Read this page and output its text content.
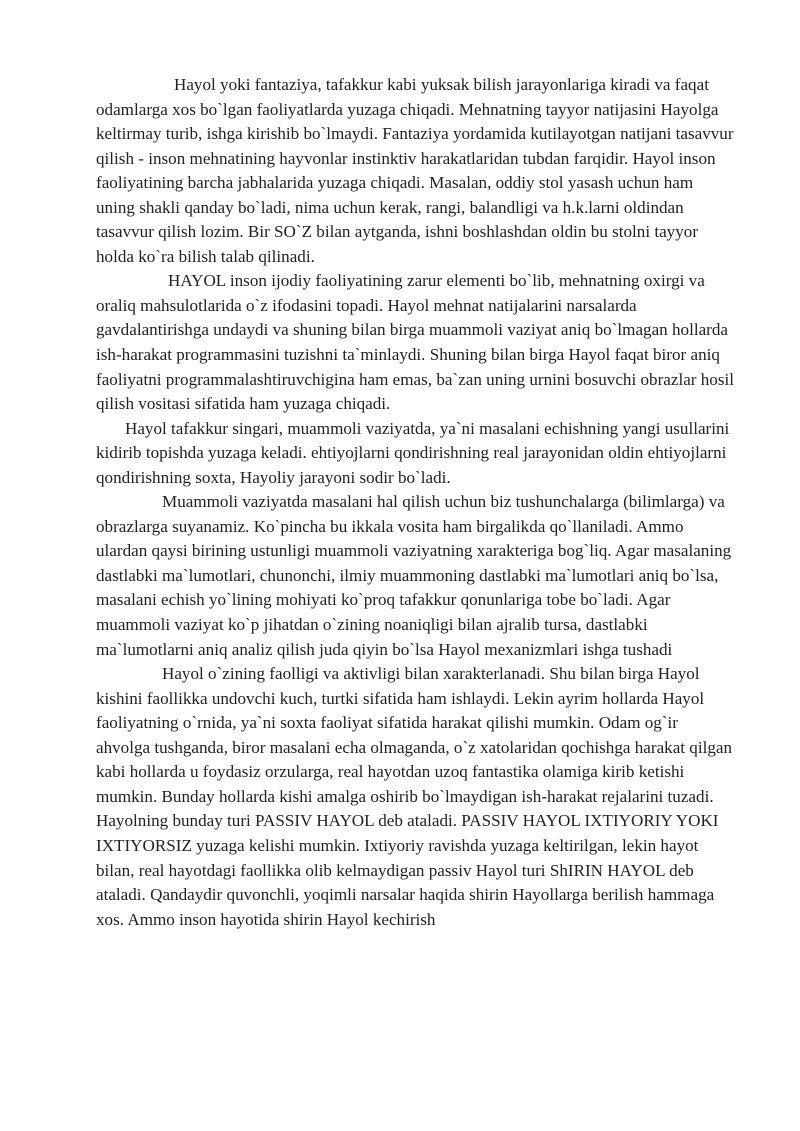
Hayol yoki fantaziya, tafakkur kabi yuksak bilish jarayonlariga kiradi va faqat odamlarga xos bo`lgan faoliyatlarda yuzaga chiqadi. Mehnatning tayyor natijasini Hayolga keltirmay turib, ishga kirishib bo`lmaydi. Fantaziya yordamida kutilayotgan natijani tasavvur qilish - inson mehnatining hayvonlar instinktiv harakatlaridan tubdan farqidir. Hayol inson faoliyatining barcha jabhalarida yuzaga chiqadi. Masalan, oddiy stol yasash uchun ham uning shakli qanday bo`ladi, nima uchun kerak, rangi, balandligi va h.k.larni oldindan tasavvur qilish lozim. Bir SO`Z bilan aytganda, ishni boshlashdan oldin bu stolni tayyor holda ko`ra bilish talab qilinadi.

HAYOL inson ijodiy faoliyatining zarur elementi bo`lib, mehnatning oxirgi va oraliq mahsulotlarida o`z ifodasini topadi. Hayol mehnat natijalarini narsalarda gavdalantirishga undaydi va shuning bilan birga muammoli vaziyat aniq bo`lmagan hollarda ish-harakat programmasini tuzishni ta`minlaydi. Shuning bilan birga Hayol faqat biror aniq faoliyatni programmalashtiruvchigina ham emas, ba`zan uning urnini bosuvchi obrazlar hosil qilish vositasi sifatida ham yuzaga chiqadi.

Hayol tafakkur singari, muammoli vaziyatda, ya`ni masalani echishning yangi usullarini kidirib topishda yuzaga keladi. ehtiyojlarni qondirishning real jarayonidan oldin ehtiyojlarni qondirishning soxta, Hayoliy jarayoni sodir bo`ladi.

Muammoli vaziyatda masalani hal qilish uchun biz tushunchalarga (bilimlarga) va obrazlarga suyanamiz. Ko`pincha bu ikkala vosita ham birgalikda qo`llaniladi. Ammo ulardan qaysi birining ustunligi muammoli vaziyatning xarakteriga bog`liq. Agar masalaning dastlabki ma`lumotlari, chunonchi, ilmiy muammoning dastlabki ma`lumotlari aniq bo`lsa, masalani echish yo`lining mohiyati ko`proq tafakkur qonunlariga tobe bo`ladi. Agar muammoli vaziyat ko`p jihatdan o`zining noaniqligi bilan ajralib tursa, dastlabki ma`lumotlarni aniq analiz qilish juda qiyin bo`lsa Hayol mexanizmlari ishga tushadi

Hayol o`zining faolligi va aktivligi bilan xarakterlanadi. Shu bilan birga Hayol kishini faollikka undovchi kuch, turtki sifatida ham ishlaydi. Lekin ayrim hollarda Hayol faoliyatning o`rnida, ya`ni soxta faoliyat sifatida harakat qilishi mumkin. Odam og`ir ahvolga tushganda, biror masalani echa olmaganda, o`z xatolaridan qochishga harakat qilgan kabi hollarda u foydasiz orzularga, real hayotdan uzoq fantastika olamiga kirib ketishi mumkin. Bunday hollarda kishi amalga oshirib bo`lmaydigan ish-harakat rejalarini tuzadi. Hayolning bunday turi PASSIV HAYOL deb ataladi. PASSIV HAYOL IXTIYORIY YOKI IXTIYORSIZ yuzaga kelishi mumkin. Ixtiyoriy ravishda yuzaga keltirilgan, lekin hayot bilan, real hayotdagi faollikka olib kelmaydigan passiv Hayol turi ShIRIN HAYOL deb ataladi. Qandaydir quvonchli, yoqimli narsalar haqida shirin Hayollarga berilish hammaga xos. Ammo inson hayotida shirin Hayol kechirish
